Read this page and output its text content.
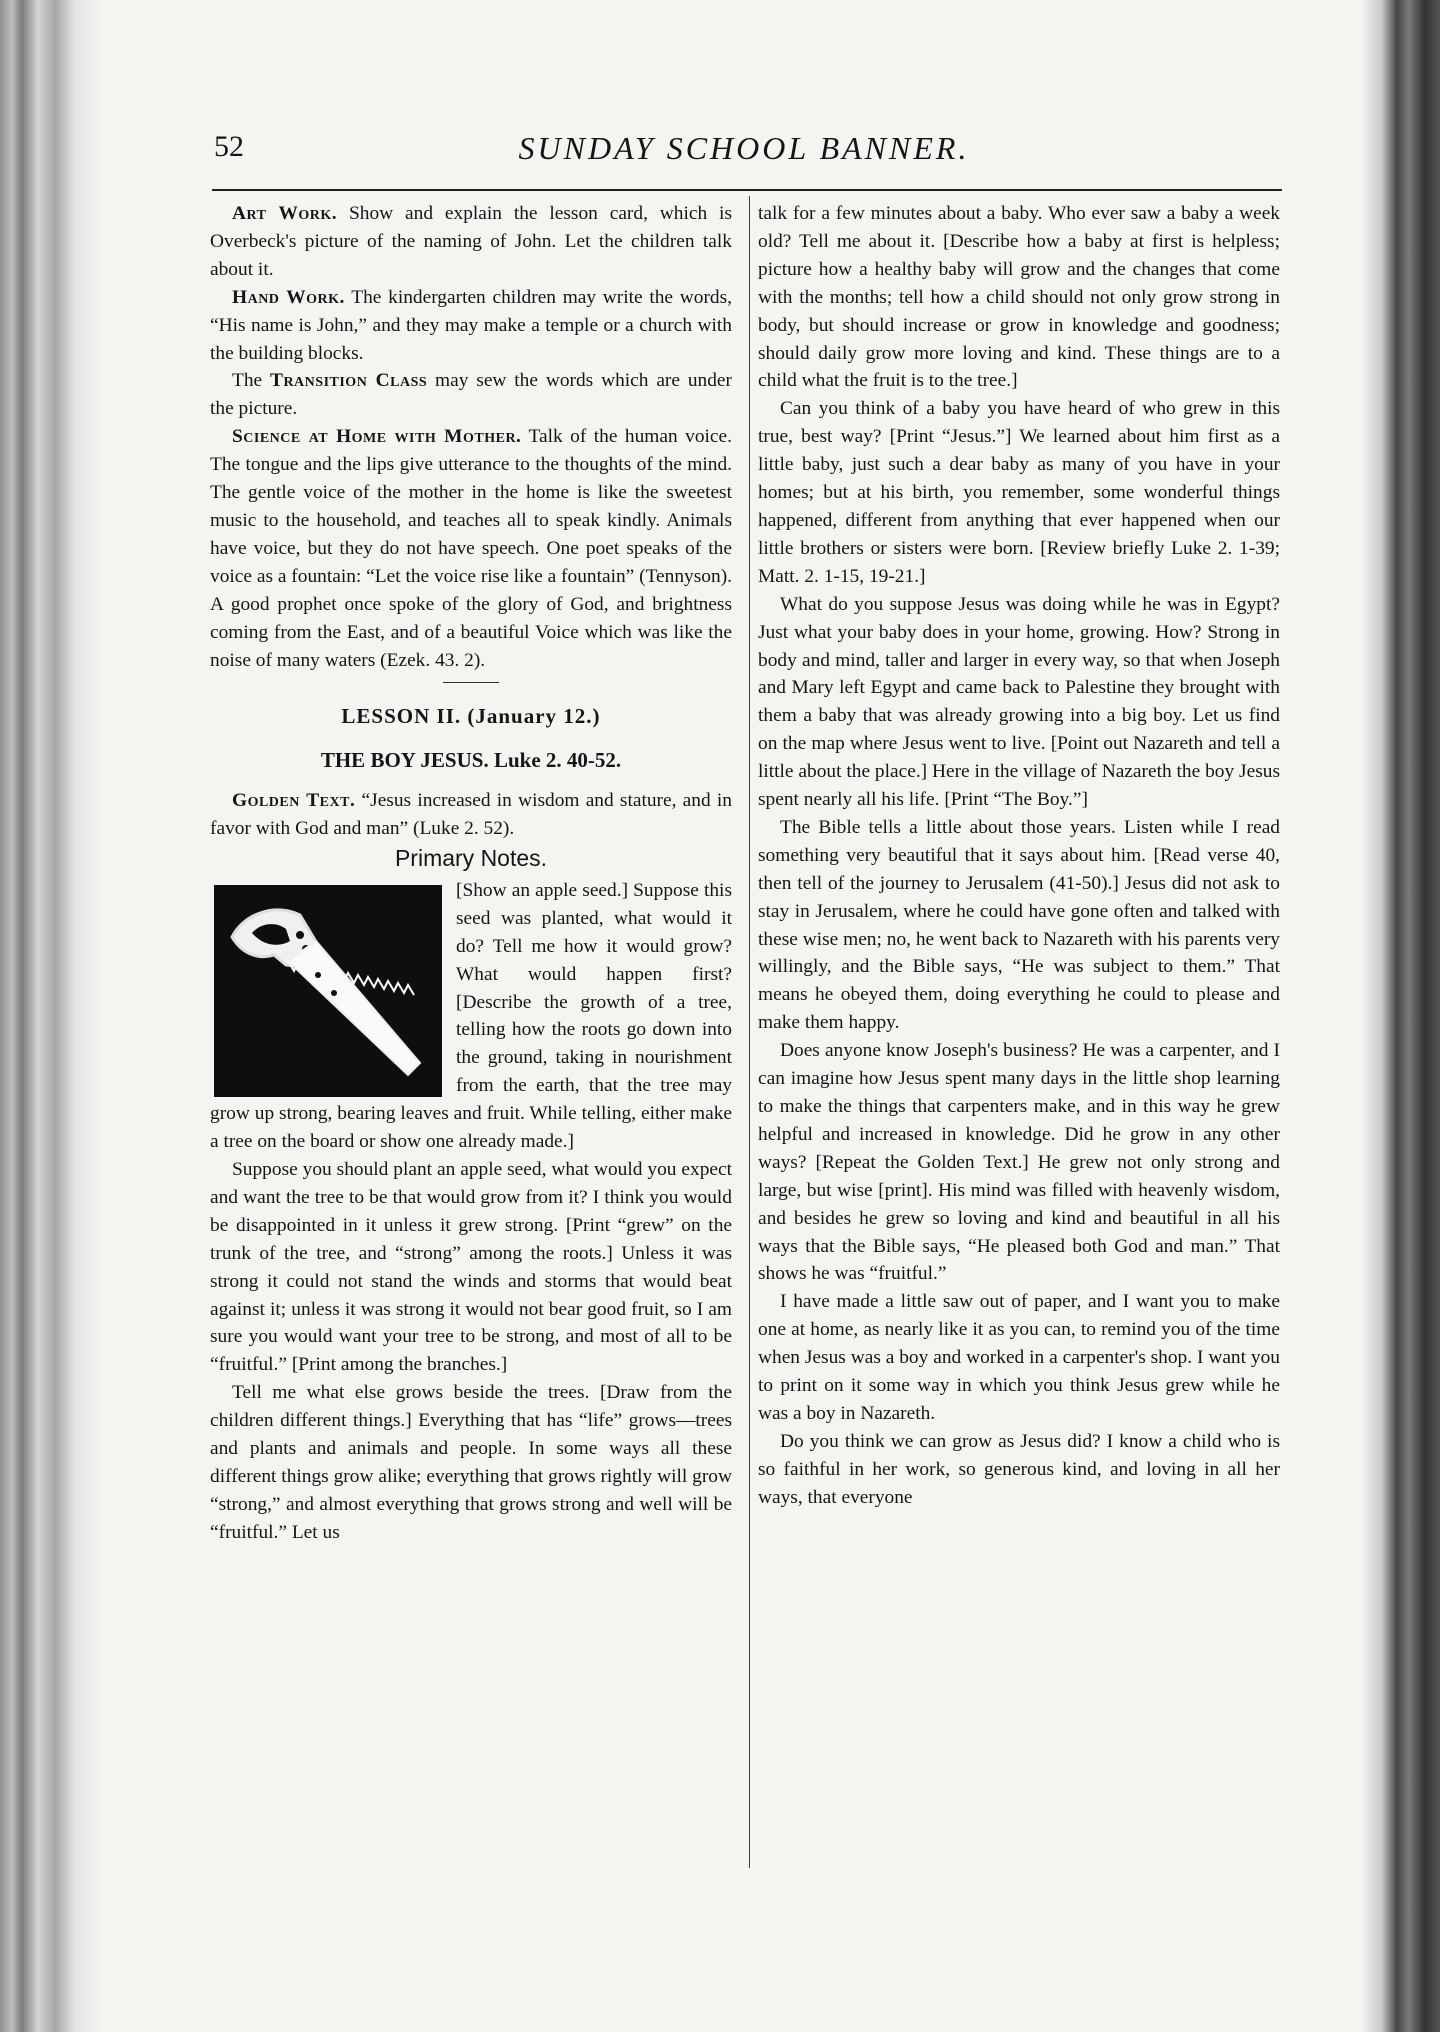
52	SUNDAY SCHOOL BANNER.

Art Work. Show and explain the lesson card, which is Overbeck's picture of the naming of John. Let the children talk about it.

Hand Work. The kindergarten children may write the words, “His name is John,” and they may make a temple or a church with the building blocks.

The Transition Class may sew the words which are under the picture.

Science at Home with Mother. Talk of the human voice. The tongue and the lips give utterance to the thoughts of the mind. The gentle voice of the mother in the home is like the sweetest music to the household, and teaches all to speak kindly. Animals have voice, but they do not have speech. One poet speaks of the voice as a fountain: “Let the voice rise like a fountain” (Tennyson). A good prophet once spoke of the glory of God, and brightness coming from the East, and of a beautiful Voice which was like the noise of many waters (Ezek. 43. 2).

LESSON II. (January 12.)
THE BOY JESUS. Luke 2. 40-52.

Golden Text. “Jesus increased in wisdom and stature, and in favor with God and man” (Luke 2. 52).

Primary Notes.

[Show an apple seed.] Suppose this seed was planted, what would it do? Tell me how it would grow? What would happen first? [Describe the growth of a tree, telling how the roots go down into the ground, taking in nourishment from the earth, that the tree may grow up strong, bearing leaves and fruit. While telling, either make a tree on the board or show one already made.]

Suppose you should plant an apple seed, what would you expect and want the tree to be that would grow from it? I think you would be disappointed in it unless it grew strong. [Print “grew” on the trunk of the tree, and “strong” among the roots.] Unless it was strong it could not stand the winds and storms that would beat against it; unless it was strong it would not bear good fruit, so I am sure you would want your tree to be strong, and most of all to be “fruitful.” [Print among the branches.]

Tell me what else grows beside the trees. [Draw from the children different things.] Everything that has “life” grows—trees and plants and animals and people. In some ways all these different things grow alike; everything that grows rightly will grow “strong,” and almost everything that grows strong and well will be “fruitful.” Let us

talk for a few minutes about a baby. Who ever saw a baby a week old? Tell me about it. [Describe how a baby at first is helpless; picture how a healthy baby will grow and the changes that come with the months; tell how a child should not only grow strong in body, but should increase or grow in knowledge and goodness; should daily grow more loving and kind. These things are to a child what the fruit is to the tree.]

Can you think of a baby you have heard of who grew in this true, best way? [Print “Jesus.”] We learned about him first as a little baby, just such a dear baby as many of you have in your homes; but at his birth, you remember, some wonderful things happened, different from anything that ever happened when our little brothers or sisters were born. [Review briefly Luke 2. 1-39; Matt. 2. 1-15, 19-21.]

What do you suppose Jesus was doing while he was in Egypt? Just what your baby does in your home, growing. How? Strong in body and mind, taller and larger in every way, so that when Joseph and Mary left Egypt and came back to Palestine they brought with them a baby that was already growing into a big boy. Let us find on the map where Jesus went to live. [Point out Nazareth and tell a little about the place.] Here in the village of Nazareth the boy Jesus spent nearly all his life. [Print “The Boy.”]

The Bible tells a little about those years. Listen while I read something very beautiful that it says about him. [Read verse 40, then tell of the journey to Jerusalem (41-50).] Jesus did not ask to stay in Jerusalem, where he could have gone often and talked with these wise men; no, he went back to Nazareth with his parents very willingly, and the Bible says, “He was subject to them.” That means he obeyed them, doing everything he could to please and make them happy.

Does anyone know Joseph's business? He was a carpenter, and I can imagine how Jesus spent many days in the little shop learning to make the things that carpenters make, and in this way he grew helpful and increased in knowledge. Did he grow in any other ways? [Repeat the Golden Text.] He grew not only strong and large, but wise [print]. His mind was filled with heavenly wisdom, and besides he grew so loving and kind and beautiful in all his ways that the Bible says, “He pleased both God and man.” That shows he was “fruitful.”

I have made a little saw out of paper, and I want you to make one at home, as nearly like it as you can, to remind you of the time when Jesus was a boy and worked in a carpenter's shop. I want you to print on it some way in which you think Jesus grew while he was a boy in Nazareth.

Do you think we can grow as Jesus did? I know a child who is so faithful in her work, so generous kind, and loving in all her ways, that everyone
